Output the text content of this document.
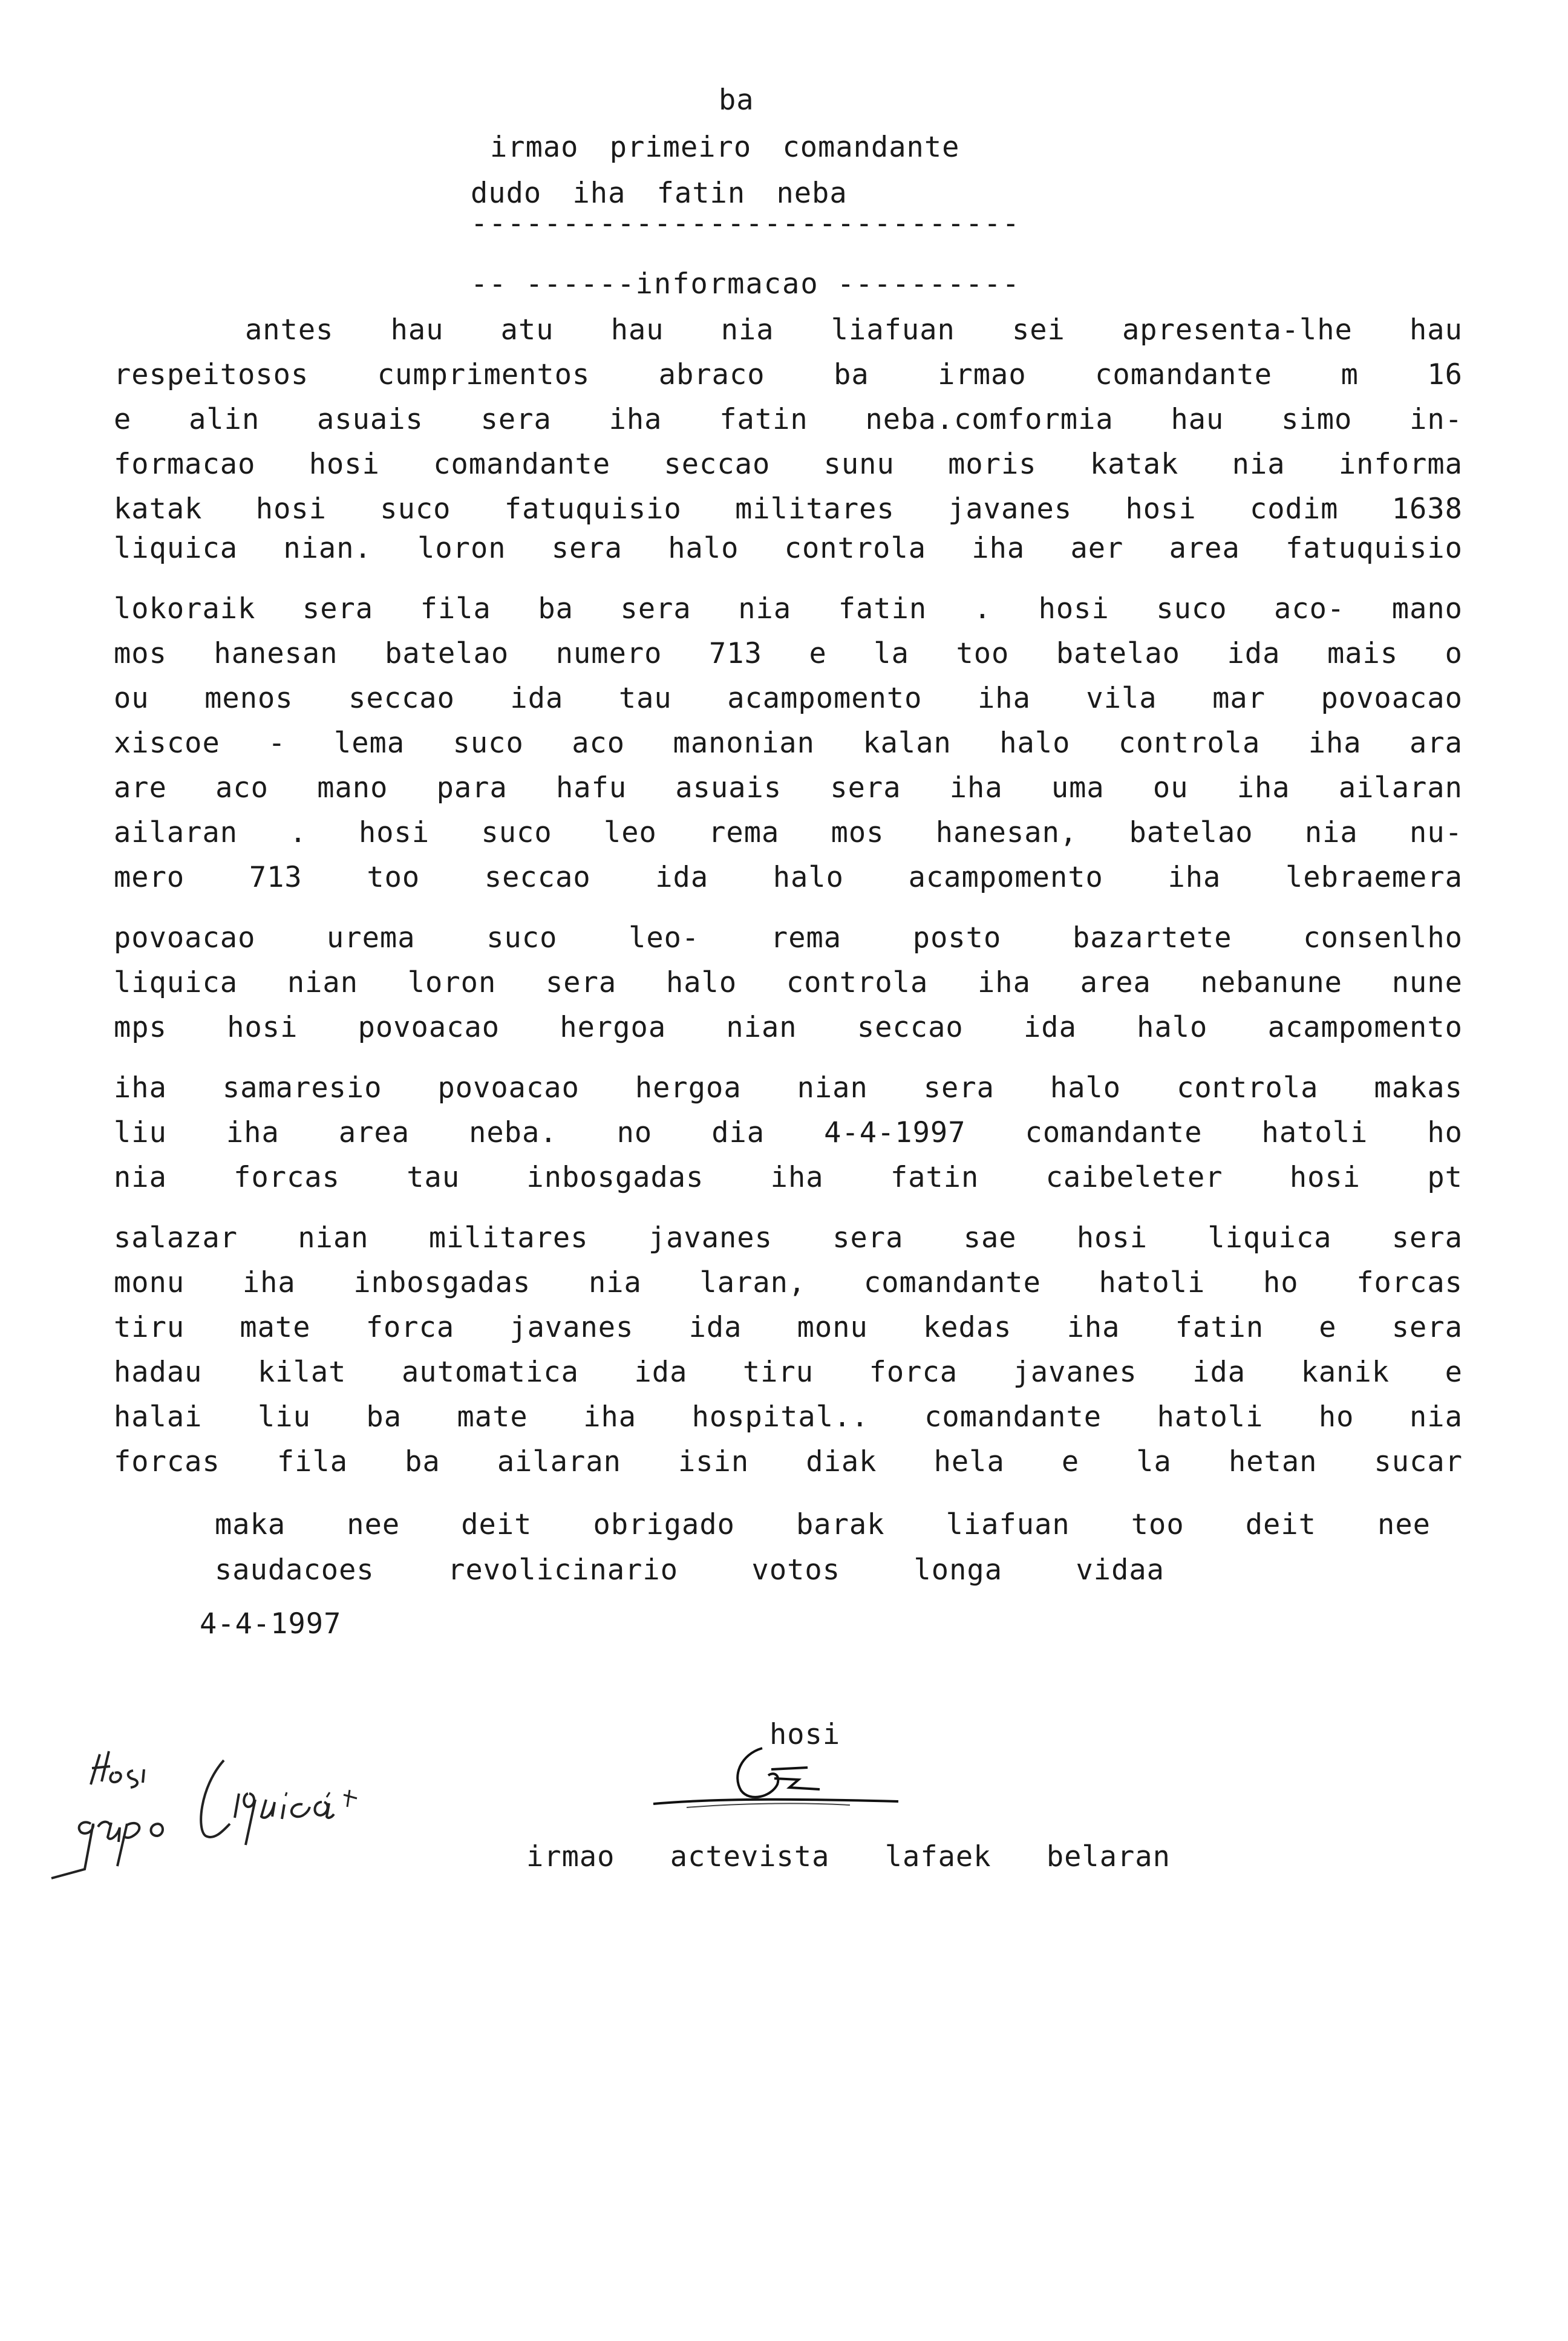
ba
irmao primeiro comandante
dudo iha fatin neba
------------------------------
-- ------informacao ----------
antes hau atu hau nia liafuan sei apresenta-lhe hau
respeitosos cumprimentos abraco ba irmao comandante m 16
e alin asuais sera iha fatin neba.comformia hau simo in-
formacao hosi comandante seccao sunu moris katak nia informa
katak hosi suco fatuquisio militares javanes hosi codim 1638
liquica nian. loron sera halo controla iha aer area fatuquisio
lokoraik sera fila ba sera nia fatin . hosi suco aco- mano
mos hanesan batelao numero 713 e la too batelao ida mais o
ou menos seccao ida tau acampomento iha vila mar povoacao
xiscoe - lema suco aco manonian kalan halo controla iha ara
are aco mano para hafu asuais sera iha uma ou iha ailaran
ailaran . hosi suco leo rema mos hanesan, batelao nia nu-
mero 713 too seccao ida halo acampomento iha lebraemera
povoacao	urema	suco	leo-	rema	posto	bazartete	consenlho
liquica nian loron sera halo controla iha area nebanune nune
mps hosi povoacao hergoa nian seccao ida halo acampomento
iha samaresio povoacao hergoa nian sera halo controla makas
liu iha area neba. no dia 4-4-1997 comandante hatoli ho
nia forcas tau inbosgadas iha fatin caibeleter hosi pt
salazar nian militares javanes sera sae hosi liquica sera
monu iha inbosgadas nia laran, comandante hatoli ho forcas
tiru mate forca javanes ida monu kedas iha fatin e sera
hadau kilat automatica ida tiru forca javanes ida kanik e
halai liu ba mate iha hospital.. comandante hatoli ho nia
forcas fila ba ailaran isin diak hela e la hetan sucar
maka nee deit obrigado barak liafuan too deit nee
saudacoes	revolicinario	votos	longa	vidaa
4-4-1997
hosi
irmao actevista lafaek belaran
